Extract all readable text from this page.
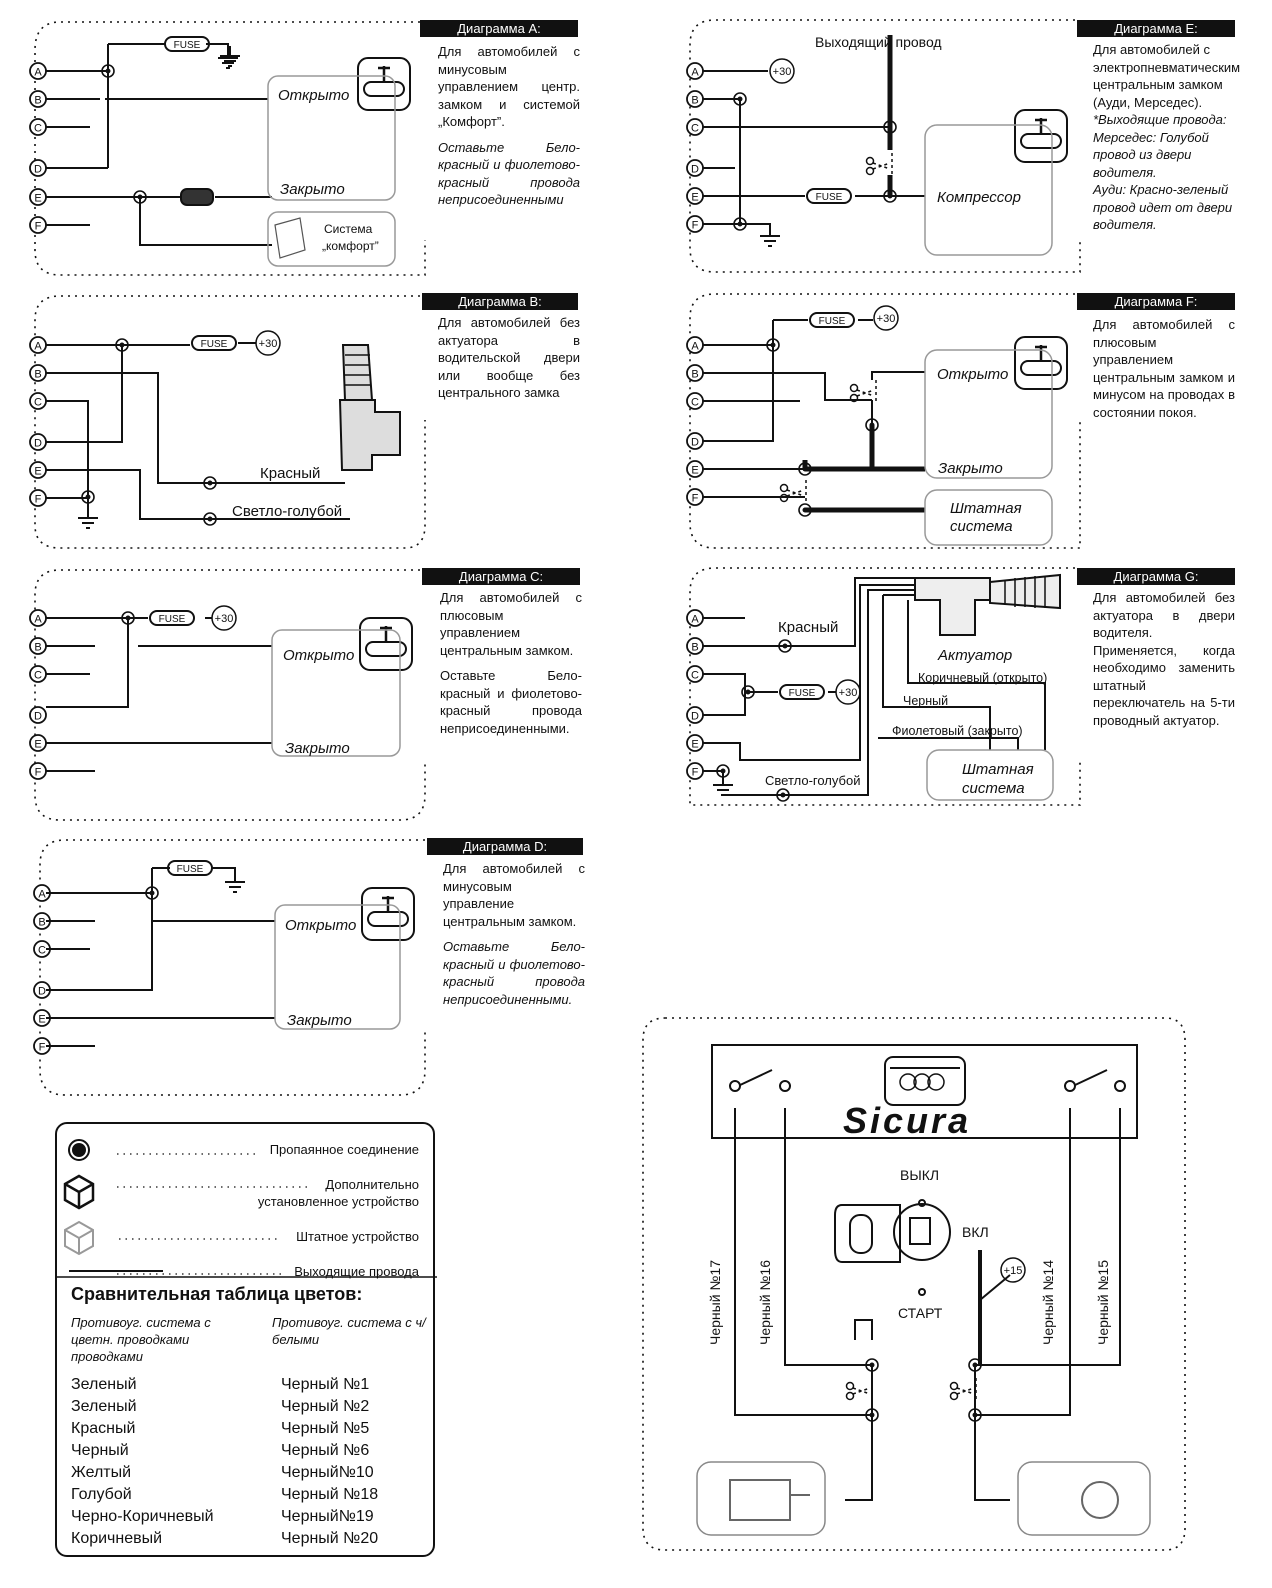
A
B
C
D
E
F
A
B
C
D
E
F
A
B
C
D
E
F
A
B
C
D
E
F
A
B
C
D
E
F
A
B
C
D
E
F
A
B
C
D
E
F
FUSE
FUSE
FUSE
FUSE
FUSE
FUSE
FUSE
+30
+30
+30
+30
+30
+15
Открыто
Закрыто
Система
„комфорт”
Красный
Светло-голубой
Открыто
Закрыто
Открыто
Закрыто
Выходящий провод
Компрессор
Открыто
Закрыто
Штатная
система
Красный
Актуатор
Коричневый (открыто)
Черный
Фиолетовый (закрыто)
Светло-голубой
Штатная
система
Sicura
ВЫКЛ
ВКЛ
СТАРТ
Черный №17 Черный №16	Черный №14	Черный №15
Диаграмма A:
Диаграмма B:
Диаграмма C:
Диаграмма D:
Диаграмма E:
Диаграмма F:
Диаграмма G:

Для автомобилей с минусовым управлением центр. замком и системой „Комфорт”.

Оставьте Бело-красный и фиолетово-красный провода неприсоединенными

Для автомобилей без актуатора в водительской двери или вообще без центрального замка

Для автомобилей с плюсовым управлением центральным замком.

Оставьте Бело-красный и фиолетово-красный провода неприсоединенными.

Для автомобилей с минусовым управление центральным замком.

Оставьте Бело-красный и фиолетово-красный провода неприсоединенными.

Для автомобилей с электропневматическим центральным замком (Ауди, Мерседес).

*Выходящие провода:

Мерседес: Голубой провод из двери водителя.

Ауди: Красно-зеленый провод идет от двери водителя.

Для автомобилей с плюсовым управлением центральным замком и минусом на проводах в состоянии покоя.

Для автомобилей без актуатора в двери водителя. Применяется, когда необходимо заменить штатный переключатель на 5-ти проводный актуатор.

Пропаянное соединение
Дополнительно
установленное устройство
Штатное устройство
Выходящие провода
Сравнительная таблица цветов:
Противоуг. система с цветн. проводками проводками
Противоуг. система с ч/белыми
Зеленый	Черный №1
Зеленый	Черный №2
Красный	Черный №5
Черный	Черный №6
Желтый	Черный№10
Голубой	Черный №18
Черно-Коричневый	Черный№19
Коричневый	Черный №20
